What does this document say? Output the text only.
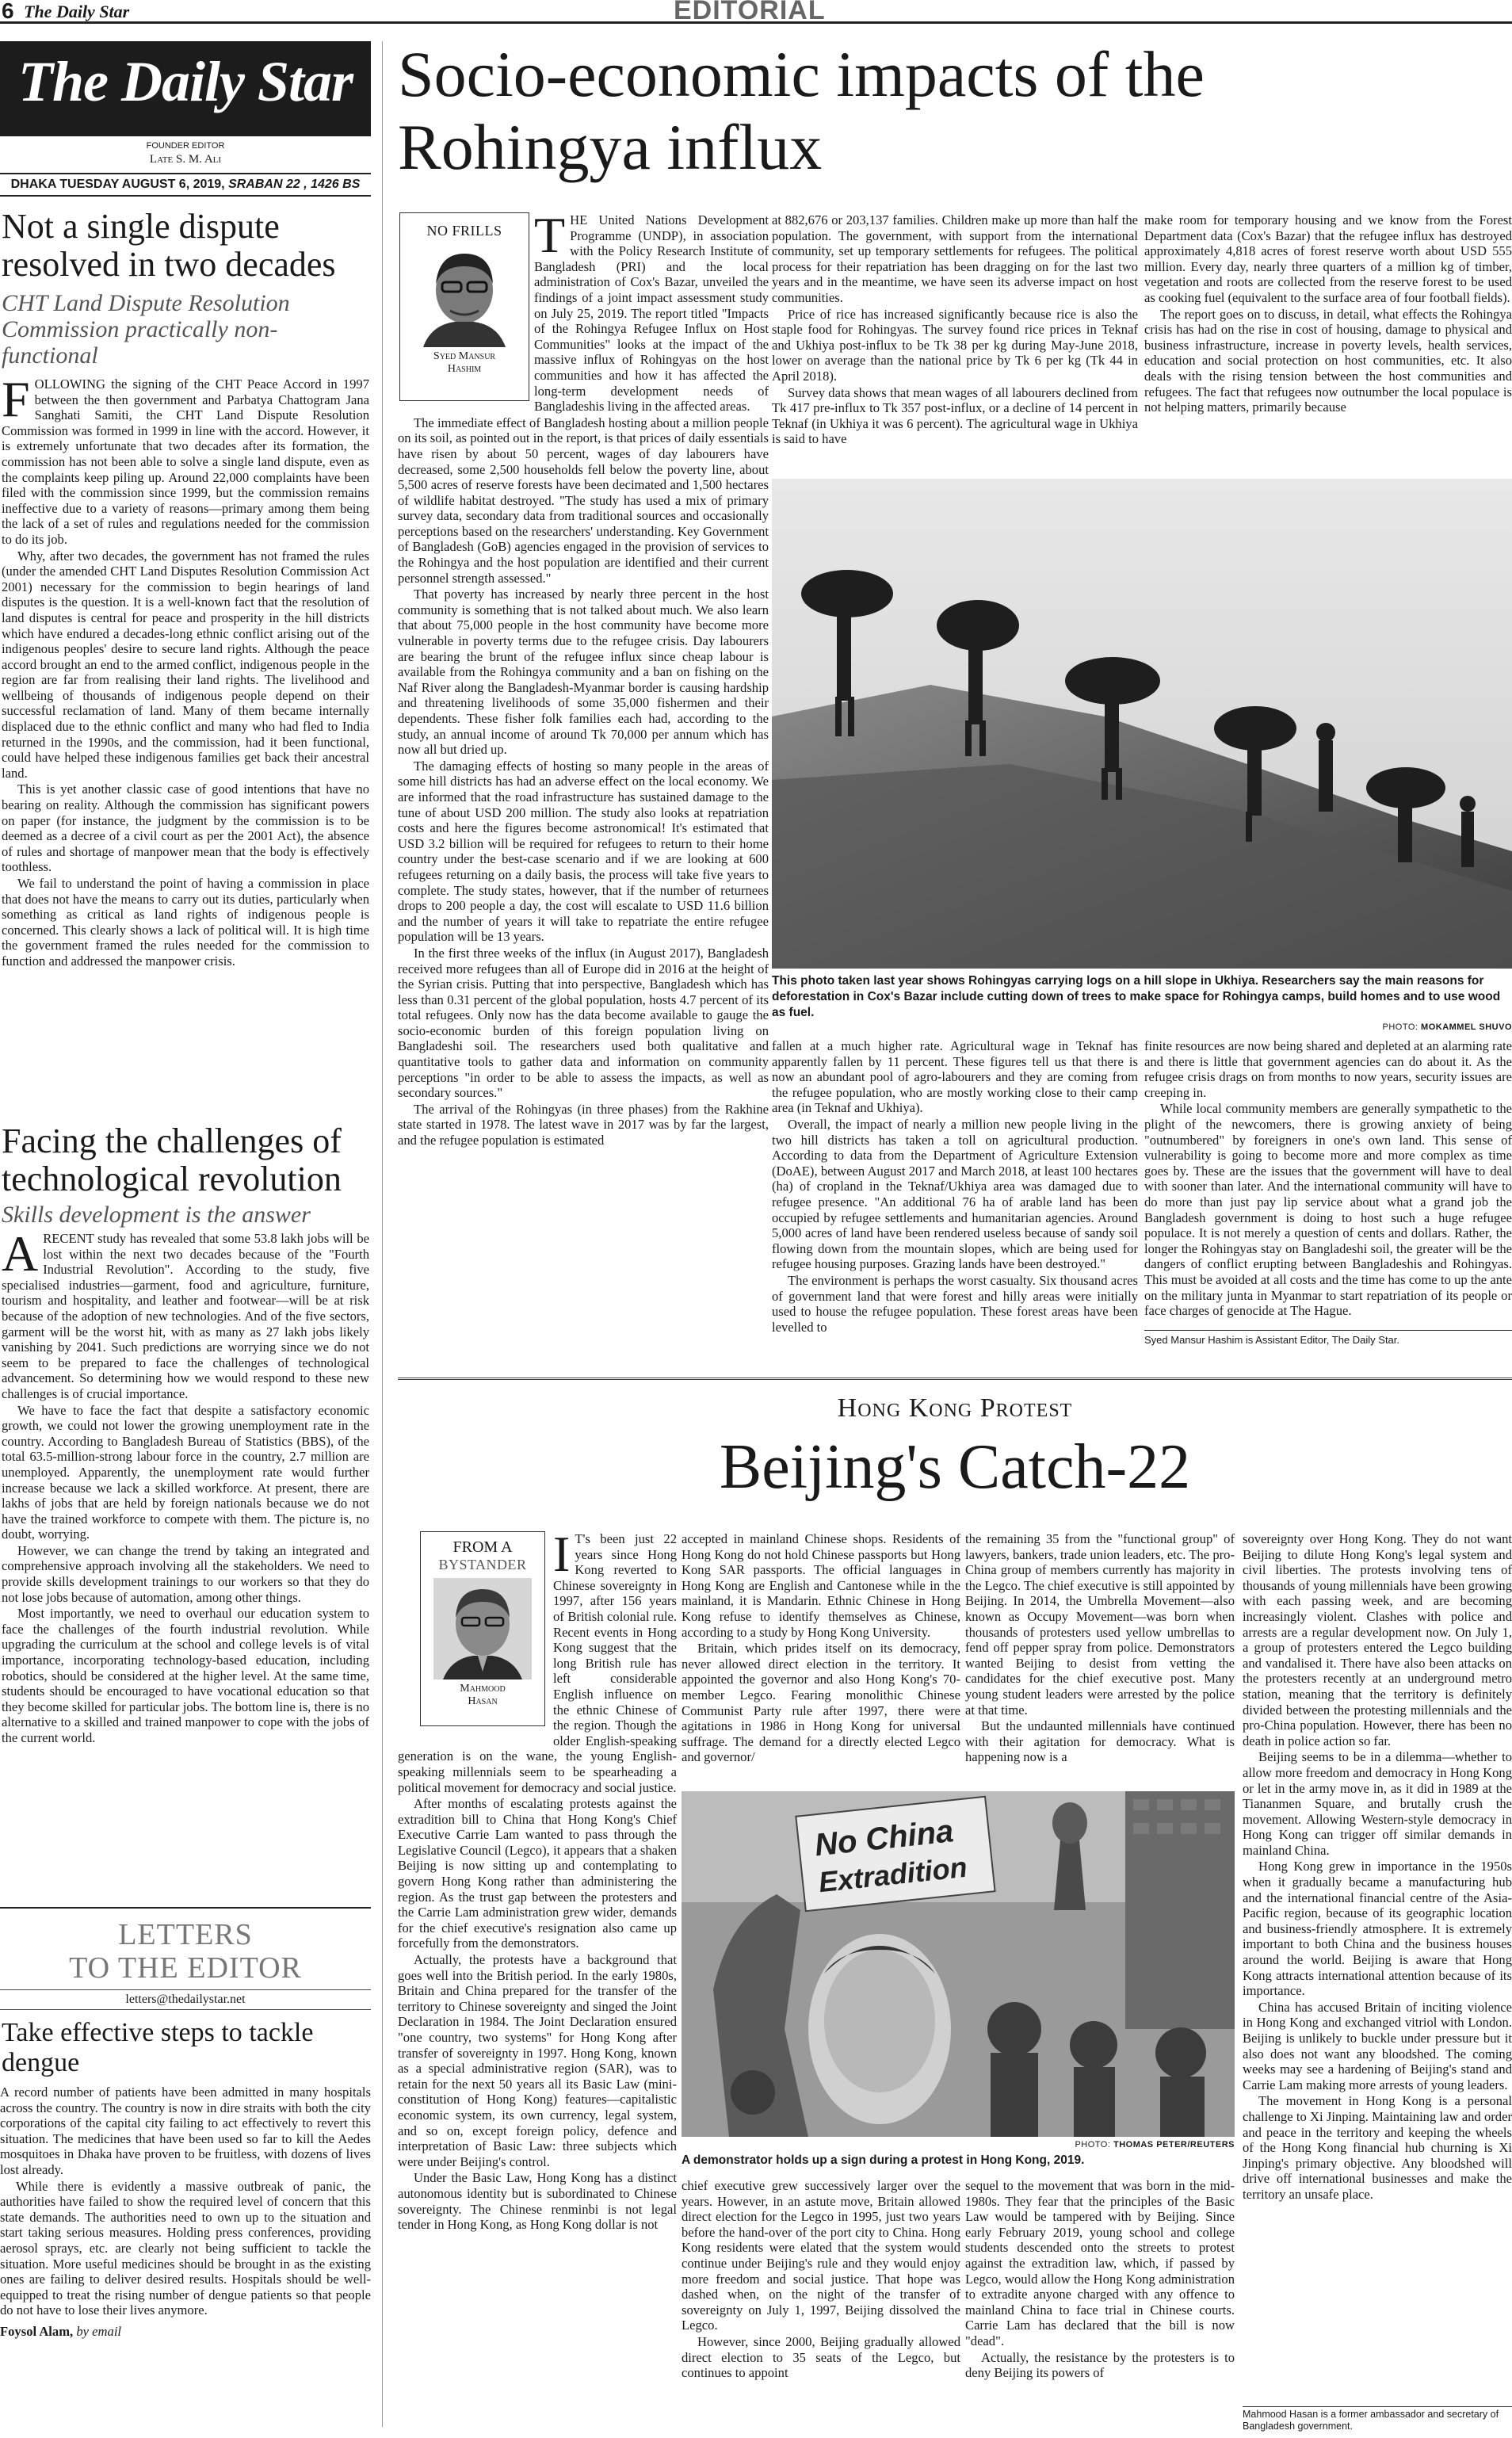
6 The Daily Star	EDITORIAL
The Daily Star
FOUNDER EDITOR
Late S. M. Ali
DHAKA TUESDAY AUGUST 6, 2019, SRABAN 22 , 1426 BS
Not a single dispute resolved in two decades
CHT Land Dispute Resolution Commission practically non-functional
F OLLOWING the signing of the CHT Peace Accord in 1997 between the then government and Parbatya Chattogram Jana Sanghati Samiti, the CHT Land Dispute Resolution Commission was formed in 1999 in line with the accord. However, it is extremely unfortunate that two decades after its formation, the commission has not been able to solve a single land dispute, even as the complaints keep piling up. Around 22,000 complaints have been filed with the commission since 1999, but the commission remains ineffective due to a variety of reasons—primary among them being the lack of a set of rules and regulations needed for the commission to do its job.

Why, after two decades, the government has not framed the rules (under the amended CHT Land Disputes Resolution Commission Act 2001) necessary for the commission to begin hearings of land disputes is the question. It is a well-known fact that the resolution of land disputes is central for peace and prosperity in the hill districts which have endured a decades-long ethnic conflict arising out of the indigenous peoples' desire to secure land rights. Although the peace accord brought an end to the armed conflict, indigenous people in the region are far from realising their land rights. The livelihood and wellbeing of thousands of indigenous people depend on their successful reclamation of land. Many of them became internally displaced due to the ethnic conflict and many who had fled to India returned in the 1990s, and the commission, had it been functional, could have helped these indigenous families get back their ancestral land.

This is yet another classic case of good intentions that have no bearing on reality. Although the commission has significant powers on paper (for instance, the judgment by the commission is to be deemed as a decree of a civil court as per the 2001 Act), the absence of rules and shortage of manpower mean that the body is effectively toothless.

We fail to understand the point of having a commission in place that does not have the means to carry out its duties, particularly when something as critical as land rights of indigenous people is concerned. This clearly shows a lack of political will. It is high time the government framed the rules needed for the commission to function and addressed the manpower crisis.

Facing the challenges of technological revolution
Skills development is the answer
A RECENT study has revealed that some 53.8 lakh jobs will be lost within the next two decades because of the "Fourth Industrial Revolution". According to the study, five specialised industries—garment, food and agriculture, furniture, tourism and hospitality, and leather and footwear—will be at risk because of the adoption of new technologies. And of the five sectors, garment will be the worst hit, with as many as 27 lakh jobs likely vanishing by 2041. Such predictions are worrying since we do not seem to be prepared to face the challenges of technological advancement. So determining how we would respond to these new challenges is of crucial importance.

We have to face the fact that despite a satisfactory economic growth, we could not lower the growing unemployment rate in the country. According to Bangladesh Bureau of Statistics (BBS), of the total 63.5-million-strong labour force in the country, 2.7 million are unemployed. Apparently, the unemployment rate would further increase because we lack a skilled workforce. At present, there are lakhs of jobs that are held by foreign nationals because we do not have the trained workforce to compete with them. The picture is, no doubt, worrying.

However, we can change the trend by taking an integrated and comprehensive approach involving all the stakeholders. We need to provide skills development trainings to our workers so that they do not lose jobs because of automation, among other things.

Most importantly, we need to overhaul our education system to face the challenges of the fourth industrial revolution. While upgrading the curriculum at the school and college levels is of vital importance, incorporating technology-based education, including robotics, should be considered at the higher level. At the same time, students should be encouraged to have vocational education so that they become skilled for particular jobs. The bottom line is, there is no alternative to a skilled and trained manpower to cope with the jobs of the current world.

LETTERS
TO THE EDITOR
letters@thedailystar.net
Take effective steps to tackle dengue

A record number of patients have been admitted in many hospitals across the country. The country is now in dire straits with both the city corporations of the capital city failing to act effectively to revert this situation. The medicines that have been used so far to kill the Aedes mosquitoes in Dhaka have proven to be fruitless, with dozens of lives lost already.

While there is evidently a massive outbreak of panic, the authorities have failed to show the required level of concern that this state demands. The authorities need to own up to the situation and start taking serious measures. Holding press conferences, providing aerosol sprays, etc. are clearly not being sufficient to tackle the situation. More useful medicines should be brought in as the existing ones are failing to deliver desired results. Hospitals should be well-equipped to treat the rising number of dengue patients so that people do not have to lose their lives anymore.

Foysol Alam, by email
Socio-economic impacts of the
Rohingya influx
NO FRILLS
Syed Mansur
Hashim
T HE United Nations Development Programme (UNDP), in association with the Policy Research Institute of Bangladesh (PRI) and the local administration of Cox's Bazar, unveiled the findings of a joint impact assessment study on July 25, 2019. The report titled "Impacts of the Rohingya Refugee Influx on Host Communities" looks at the impact of the massive influx of Rohingyas on the host communities and how it has affected the long-term development needs of Bangladeshis living in the affected areas.

The immediate effect of Bangladesh hosting about a million people on its soil, as pointed out in the report, is that prices of daily essentials have risen by about 50 percent, wages of day labourers have decreased, some 2,500 households fell below the poverty line, about 5,500 acres of reserve forests have been decimated and 1,500 hectares of wildlife habitat destroyed. "The study has used a mix of primary survey data, secondary data from traditional sources and occasionally perceptions based on the researchers' understanding. Key Government of Bangladesh (GoB) agencies engaged in the provision of services to the Rohingya and the host population are identified and their current personnel strength assessed."

That poverty has increased by nearly three percent in the host community is something that is not talked about much. We also learn that about 75,000 people in the host community have become more vulnerable in poverty terms due to the refugee crisis. Day labourers are bearing the brunt of the refugee influx since cheap labour is available from the Rohingya community and a ban on fishing on the Naf River along the Bangladesh-Myanmar border is causing hardship and threatening livelihoods of some 35,000 fishermen and their dependents. These fisher folk families each had, according to the study, an annual income of around Tk 70,000 per annum which has now all but dried up.

The damaging effects of hosting so many people in the areas of some hill districts has had an adverse effect on the local economy. We are informed that the road infrastructure has sustained damage to the tune of about USD 200 million. The study also looks at repatriation costs and here the figures become astronomical! It's estimated that USD 3.2 billion will be required for refugees to return to their home country under the best-case scenario and if we are looking at 600 refugees returning on a daily basis, the process will take five years to complete. The study states, however, that if the number of returnees drops to 200 people a day, the cost will escalate to USD 11.6 billion and the number of years it will take to repatriate the entire refugee population will be 13 years.

In the first three weeks of the influx (in August 2017), Bangladesh received more refugees than all of Europe did in 2016 at the height of the Syrian crisis. Putting that into perspective, Bangladesh which has less than 0.31 percent of the global population, hosts 4.7 percent of its total refugees. Only now has the data become available to gauge the socio-economic burden of this foreign population living on Bangladeshi soil. The researchers used both qualitative and quantitative tools to gather data and information on community perceptions "in order to be able to assess the impacts, as well as secondary sources."

The arrival of the Rohingyas (in three phases) from the Rakhine state started in 1978. The latest wave in 2017 was by far the largest, and the refugee population is estimated

at 882,676 or 203,137 families. Children make up more than half the population. The government, with support from the international community, set up temporary settlements for refugees. The political process for their repatriation has been dragging on for the last two years and in the meantime, we have seen its adverse impact on host communities.

Price of rice has increased significantly because rice is also the staple food for Rohingyas. The survey found rice prices in Teknaf and Ukhiya post-influx to be Tk 38 per kg during May-June 2018, lower on average than the national price by Tk 6 per kg (Tk 44 in April 2018).

Survey data shows that mean wages of all labourers declined from Tk 417 pre-influx to Tk 357 post-influx, or a decline of 14 percent in Teknaf (in Ukhiya it was 6 percent). The agricultural wage in Ukhiya is said to have

make room for temporary housing and we know from the Forest Department data (Cox's Bazar) that the refugee influx has destroyed approximately 4,818 acres of forest reserve worth about USD 555 million. Every day, nearly three quarters of a million kg of timber, vegetation and roots are collected from the reserve forest to be used as cooking fuel (equivalent to the surface area of four football fields).

The report goes on to discuss, in detail, what effects the Rohingya crisis has had on the rise in cost of housing, damage to physical and business infrastructure, increase in poverty levels, health services, education and social protection on host communities, etc. It also deals with the rising tension between the host communities and refugees. The fact that refugees now outnumber the local populace is not helping matters, primarily because

This photo taken last year shows Rohingyas carrying logs on a hill slope in Ukhiya. Researchers say the main reasons for deforestation in Cox's Bazar include cutting down of trees to make space for Rohingya camps, build homes and to use wood as fuel.
PHOTO: MOKAMMEL SHUVO

fallen at a much higher rate. Agricultural wage in Teknaf has apparently fallen by 11 percent. These figures tell us that there is now an abundant pool of agro-labourers and they are coming from the refugee population, who are mostly working close to their camp area (in Teknaf and Ukhiya).

Overall, the impact of nearly a million new people living in the two hill districts has taken a toll on agricultural production. According to data from the Department of Agriculture Extension (DoAE), between August 2017 and March 2018, at least 100 hectares (ha) of cropland in the Teknaf/Ukhiya area was damaged due to refugee presence. "An additional 76 ha of arable land has been occupied by refugee settlements and humanitarian agencies. Around 5,000 acres of land have been rendered useless because of sandy soil flowing down from the mountain slopes, which are being used for refugee housing purposes. Grazing lands have been destroyed."

The environment is perhaps the worst casualty. Six thousand acres of government land that were forest and hilly areas were initially used to house the refugee population. These forest areas have been levelled to

finite resources are now being shared and depleted at an alarming rate and there is little that government agencies can do about it. As the refugee crisis drags on from months to now years, security issues are creeping in.

While local community members are generally sympathetic to the plight of the newcomers, there is growing anxiety of being "outnumbered" by foreigners in one's own land. This sense of vulnerability is going to become more and more complex as time goes by. These are the issues that the government will have to deal with sooner than later. And the international community will have to do more than just pay lip service about what a grand job the Bangladesh government is doing to host such a huge refugee populace. It is not merely a question of cents and dollars. Rather, the longer the Rohingyas stay on Bangladeshi soil, the greater will be the dangers of conflict erupting between Bangladeshis and Rohingyas. This must be avoided at all costs and the time has come to up the ante on the military junta in Myanmar to start repatriation of its people or face charges of genocide at The Hague.

Syed Mansur Hashim is Assistant Editor, The Daily Star.
Hong Kong Protest
Beijing's Catch-22
FROM A
BYSTANDER
Mahmood
Hasan
I T's been just 22 years since Hong Kong reverted to Chinese sovereignty in 1997, after 156 years of British colonial rule. Recent events in Hong Kong suggest that the long British rule has left considerable English influence on the ethnic Chinese of the region. Though the older English-speaking generation is on the wane, the young English-speaking millennials seem to be spearheading a political movement for democracy and social justice.

After months of escalating protests against the extradition bill to China that Hong Kong's Chief Executive Carrie Lam wanted to pass through the Legislative Council (Legco), it appears that a shaken Beijing is now sitting up and contemplating to govern Hong Kong rather than administering the region. As the trust gap between the protesters and the Carrie Lam administration grew wider, demands for the chief executive's resignation also came up forcefully from the demonstrators.

Actually, the protests have a background that goes well into the British period. In the early 1980s, Britain and China prepared for the transfer of the territory to Chinese sovereignty and singed the Joint Declaration in 1984. The Joint Declaration ensured "one country, two systems" for Hong Kong after transfer of sovereignty in 1997. Hong Kong, known as a special administrative region (SAR), was to retain for the next 50 years all its Basic Law (mini-constitution of Hong Kong) features—capitalistic economic system, its own currency, legal system, and so on, except foreign policy, defence and interpretation of Basic Law: three subjects which were under Beijing's control.

Under the Basic Law, Hong Kong has a distinct autonomous identity but is subordinated to Chinese sovereignty. The Chinese renminbi is not legal tender in Hong Kong, as Hong Kong dollar is not

accepted in mainland Chinese shops. Residents of Hong Kong do not hold Chinese passports but Hong Kong SAR passports. The official languages in Hong Kong are English and Cantonese while in the mainland, it is Mandarin. Ethnic Chinese in Hong Kong refuse to identify themselves as Chinese, according to a study by Hong Kong University.

Britain, which prides itself on its democracy, never allowed direct election in the territory. It appointed the governor and also Hong Kong's 70-member Legco. Fearing monolithic Chinese Communist Party rule after 1997, there were agitations in 1986 in Hong Kong for universal suffrage. The demand for a directly elected Legco and governor/

the remaining 35 from the "functional group" of lawyers, bankers, trade union leaders, etc. The pro-China group of members currently has majority in the Legco. The chief executive is still appointed by Beijing. In 2014, the Umbrella Movement—also known as Occupy Movement—was born when thousands of protesters used yellow umbrellas to fend off pepper spray from police. Demonstrators wanted Beijing to desist from vetting the candidates for the chief executive post. Many young student leaders were arrested by the police at that time.

But the undaunted millennials have continued with their agitation for democracy. What is happening now is a

No China
Extradition
PHOTO: THOMAS PETER/REUTERS
A demonstrator holds up a sign during a protest in Hong Kong, 2019.

chief executive grew successively larger over the years. However, in an astute move, Britain allowed direct election for the Legco in 1995, just two years before the hand-over of the port city to China. Hong Kong residents were elated that the system would continue under Beijing's rule and they would enjoy more freedom and social justice. That hope was dashed when, on the night of the transfer of sovereignty on July 1, 1997, Beijing dissolved the Legco.

However, since 2000, Beijing gradually allowed direct election to 35 seats of the Legco, but continues to appoint

sequel to the movement that was born in the mid-1980s. They fear that the principles of the Basic Law would be tampered with by Beijing. Since early February 2019, young school and college students descended onto the streets to protest against the extradition law, which, if passed by Legco, would allow the Hong Kong administration to extradite anyone charged with any offence to mainland China to face trial in Chinese courts. Carrie Lam has declared that the bill is now "dead".

Actually, the resistance by the protesters is to deny Beijing its powers of

sovereignty over Hong Kong. They do not want Beijing to dilute Hong Kong's legal system and civil liberties. The protests involving tens of thousands of young millennials have been growing with each passing week, and are becoming increasingly violent. Clashes with police and arrests are a regular development now. On July 1, a group of protesters entered the Legco building and vandalised it. There have also been attacks on the protesters recently at an underground metro station, meaning that the territory is definitely divided between the protesting millennials and the pro-China population. However, there has been no death in police action so far.

Beijing seems to be in a dilemma—whether to allow more freedom and democracy in Hong Kong or let in the army move in, as it did in 1989 at the Tiananmen Square, and brutally crush the movement. Allowing Western-style democracy in Hong Kong can trigger off similar demands in mainland China.

Hong Kong grew in importance in the 1950s when it gradually became a manufacturing hub and the international financial centre of the Asia-Pacific region, because of its geographic location and business-friendly atmosphere. It is extremely important to both China and the business houses around the world. Beijing is aware that Hong Kong attracts international attention because of its importance.

China has accused Britain of inciting violence in Hong Kong and exchanged vitriol with London. Beijing is unlikely to buckle under pressure but it also does not want any bloodshed. The coming weeks may see a hardening of Beijing's stand and Carrie Lam making more arrests of young leaders.

The movement in Hong Kong is a personal challenge to Xi Jinping. Maintaining law and order and peace in the territory and keeping the wheels of the Hong Kong financial hub churning is Xi Jinping's primary objective. Any bloodshed will drive off international businesses and make the territory an unsafe place.

Mahmood Hasan is a former ambassador and secretary of Bangladesh government.
